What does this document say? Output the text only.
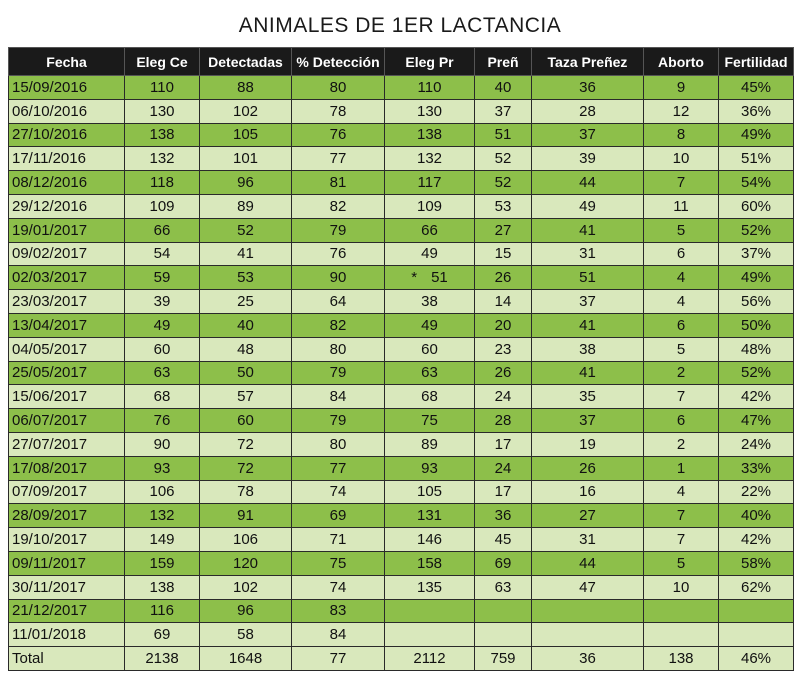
ANIMALES DE 1ER LACTANCIA
Fecha	Eleg Ce	Detectadas	% Detección	Eleg Pr	Preñ	Taza Preñez	Aborto	Fertilidad
15/09/2016	110	88	80	110	40	36	9	45%
06/10/2016	130	102	78	130	37	28	12	36%
27/10/2016	138	105	76	138	51	37	8	49%
17/11/2016	132	101	77	132	52	39	10	51%
08/12/2016	118	96	81	117	52	44	7	54%
29/12/2016	109	89	82	109	53	49	11	60%
19/01/2017	66	52	79	66	27	41	5	52%
09/02/2017	54	41	76	49	15	31	6	37%
02/03/2017	59	53	90	* 51	26	51	4	49%
23/03/2017	39	25	64	38	14	37	4	56%
13/04/2017	49	40	82	49	20	41	6	50%
04/05/2017	60	48	80	60	23	38	5	48%
25/05/2017	63	50	79	63	26	41	2	52%
15/06/2017	68	57	84	68	24	35	7	42%
06/07/2017	76	60	79	75	28	37	6	47%
27/07/2017	90	72	80	89	17	19	2	24%
17/08/2017	93	72	77	93	24	26	1	33%
07/09/2017	106	78	74	105	17	16	4	22%
28/09/2017	132	91	69	131	36	27	7	40%
19/10/2017	149	106	71	146	45	31	7	42%
09/11/2017	159	120	75	158	69	44	5	58%
30/11/2017	138	102	74	135	63	47	10	62%
21/12/2017	116	96	83					
11/01/2018	69	58	84					
Total	2138	1648	77	2112	759	36	138	46%
